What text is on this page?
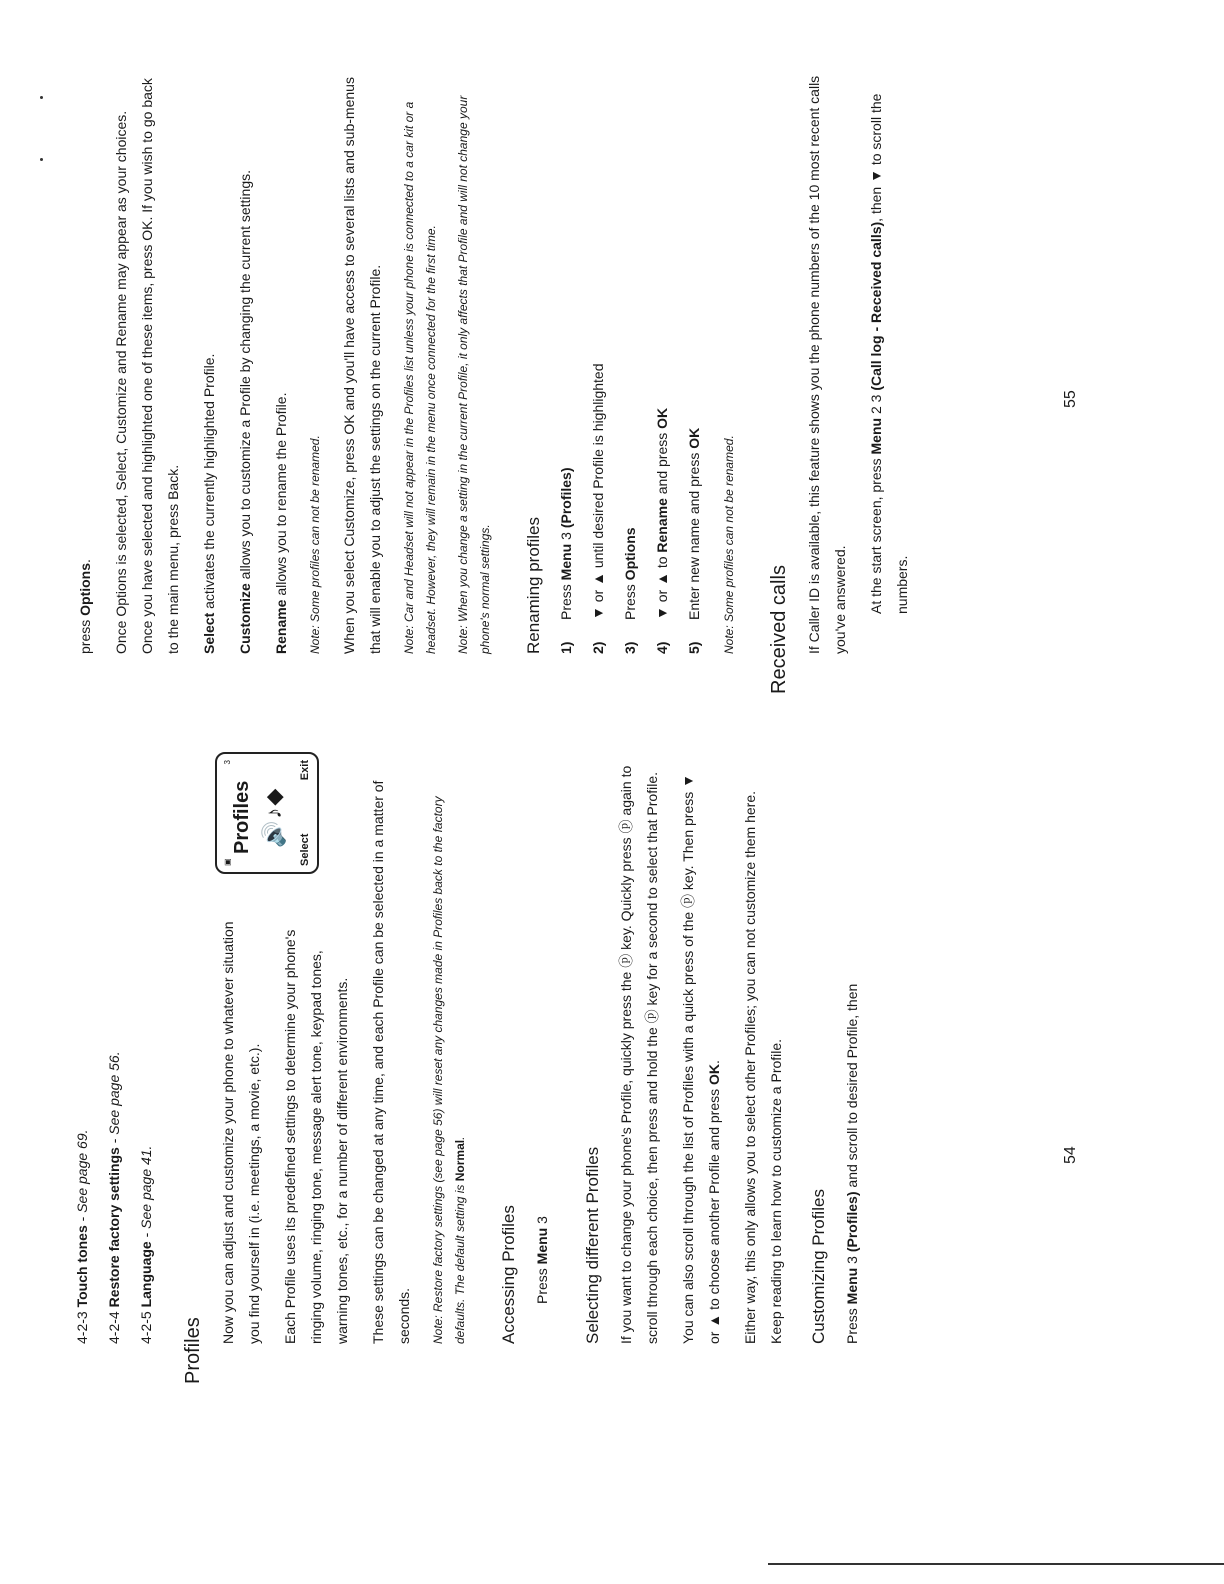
4-2-3 Touch tones - See page 69.

4-2-4 Restore factory settings - See page 56.

4-2-5 Language - See page 41.

Profiles

Now you can adjust and customize your phone to whatever situation you find yourself in (i.e. meetings, a movie, etc.).	Each Profile uses its predefined settings to determine your phone's ringing volume, ringing tone, message alert tone, keypad tones, warning tones, etc., for a number of different environments.

▣
3
Profiles 🔊♪◆
Select
Exit

These settings can be changed at any time, and each Profile can be selected in a matter of seconds.	Note: Restore factory settings (see page 56) will reset any changes made in Profiles back to the factory defaults. The default setting is Normal.

Accessing Profiles	Press Menu 3 Selecting different Profiles	If you want to change your phone's Profile, quickly press the ⓟ key. Quickly press ⓟ again to scroll through each choice, then press and hold the ⓟ key for a second to select that Profile.	You can also scroll through the list of Profiles with a quick press of the ⓟ key. Then press ▼ or ▲ to choose another Profile and press OK.	Either way, this only allows you to select other Profiles; you can not customize them here. Keep reading to learn how to customize a Profile. Customizing Profiles	Press Menu 3 (Profiles) and scroll to desired Profile, then	54

press Options.	Once Options is selected, Select, Customize and Rename may appear as your choices. Once you have selected and highlighted one of these items, press OK. If you wish to go back to the main menu, press Back.	Select activates the currently highlighted Profile.

Customize allows you to customize a Profile by changing the current settings.

Rename allows you to rename the Profile.	Note: Some profiles can not be renamed.	When you select Customize, press OK and you'll have access to several lists and sub-menus that will enable you to adjust the settings on the current Profile.	Note: Car and Headset will not appear in the Profiles list unless your phone is connected to a car kit or a headset. However, they will remain in the menu once connected for the first time.	Note: When you change a setting in the current Profile, it only affects that Profile and will not change your phone's normal settings. Renaming profiles	1)
Press Menu 3 (Profiles)
2)
▼ or ▲ until desired Profile is highlighted
3)
Press Options
4)
▼ or ▲ to Rename and press OK
5)
Enter new name and press OK	Note: Some profiles can not be renamed. Received calls	If Caller ID is available, this feature shows you the phone numbers of the 10 most recent calls you've answered.	At the start screen, press Menu 2 3 (Call log - Received calls), then ▼ to scroll the numbers.

55
